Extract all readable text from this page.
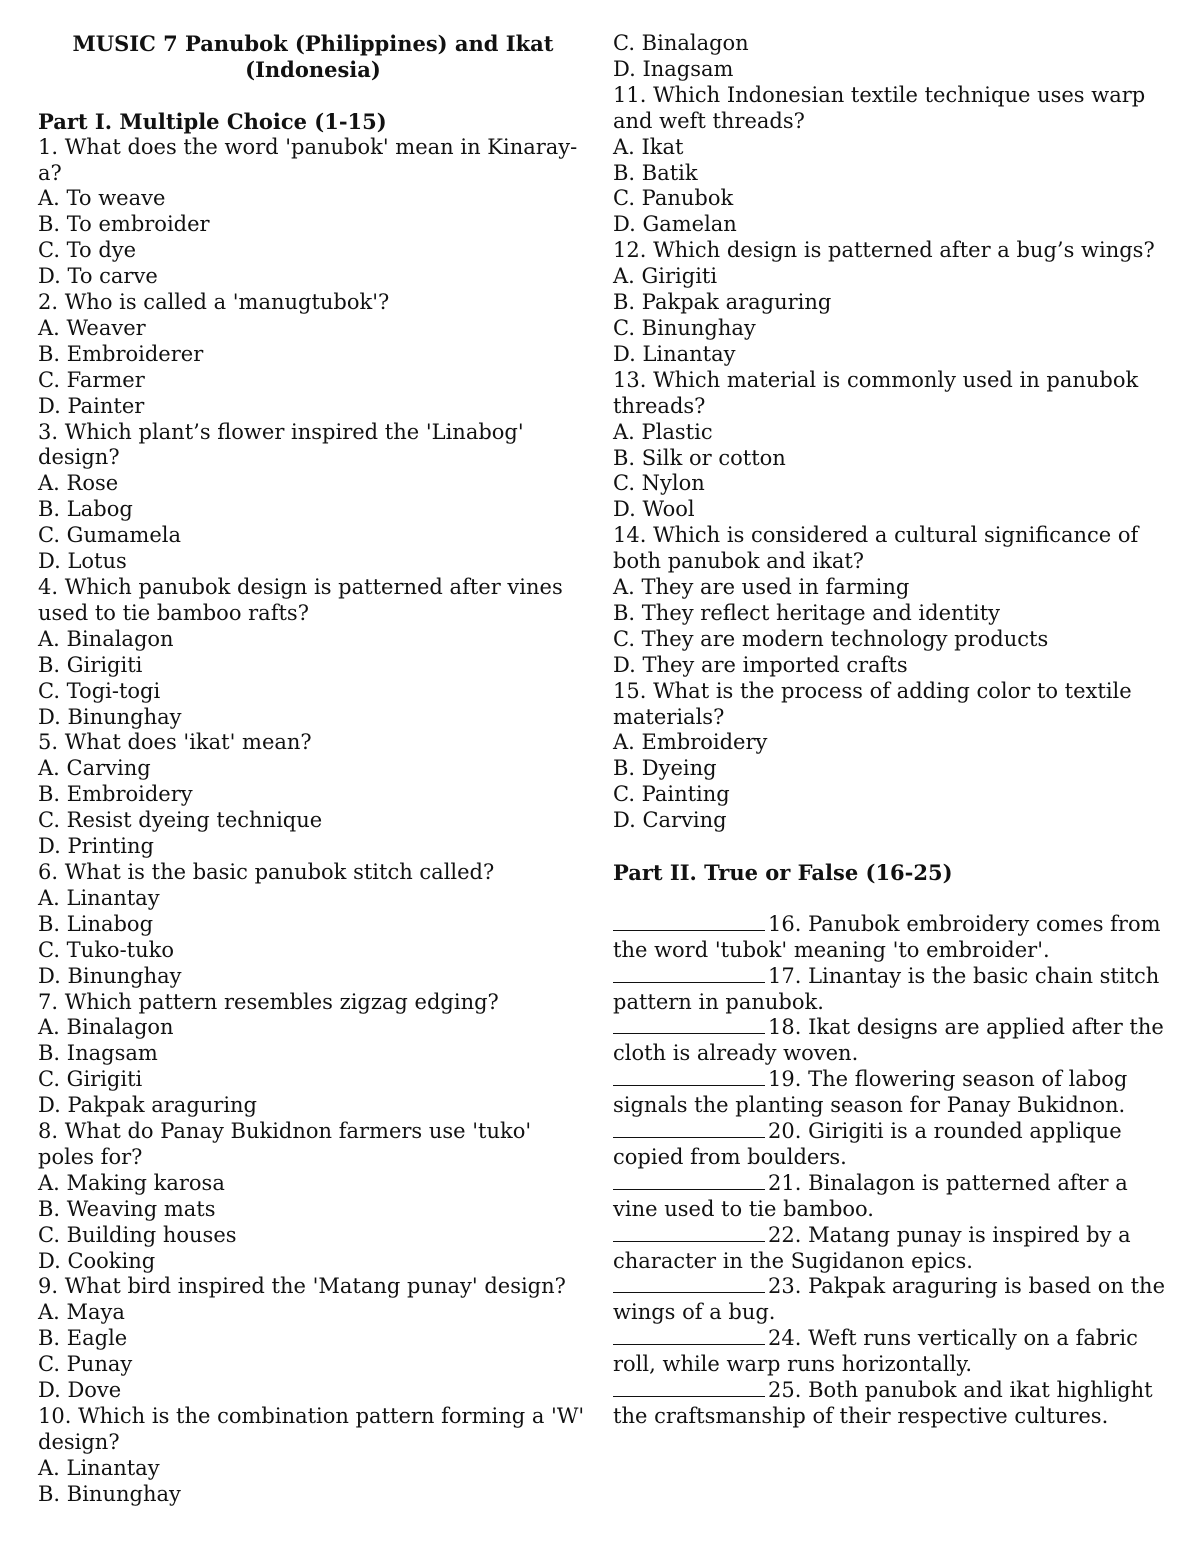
MUSIC 7 Panubok (Philippines) and Ikat
(Indonesia)
Part I. Multiple Choice (1-15)
1. What does the word 'panubok' mean in Kinaray-
a?
A. To weave
B. To embroider
C. To dye
D. To carve
2. Who is called a 'manugtubok'?
A. Weaver
B. Embroiderer
C. Farmer
D. Painter
3. Which plant’s flower inspired the 'Linabog'
design?
A. Rose
B. Labog
C. Gumamela
D. Lotus
4. Which panubok design is patterned after vines
used to tie bamboo rafts?
A. Binalagon
B. Girigiti
C. Togi-togi
D. Binunghay
5. What does 'ikat' mean?
A. Carving
B. Embroidery
C. Resist dyeing technique
D. Printing
6. What is the basic panubok stitch called?
A. Linantay
B. Linabog
C. Tuko-tuko
D. Binunghay
7. Which pattern resembles zigzag edging?
A. Binalagon
B. Inagsam
C. Girigiti
D. Pakpak araguring
8. What do Panay Bukidnon farmers use 'tuko'
poles for?
A. Making karosa
B. Weaving mats
C. Building houses
D. Cooking
9. What bird inspired the 'Matang punay' design?
A. Maya
B. Eagle
C. Punay
D. Dove
10. Which is the combination pattern forming a 'W'
design?
A. Linantay
B. Binunghay
C. Binalagon
D. Inagsam
11. Which Indonesian textile technique uses warp
and weft threads?
A. Ikat
B. Batik
C. Panubok
D. Gamelan
12. Which design is patterned after a bug’s wings?
A. Girigiti
B. Pakpak araguring
C. Binunghay
D. Linantay
13. Which material is commonly used in panubok
threads?
A. Plastic
B. Silk or cotton
C. Nylon
D. Wool
14. Which is considered a cultural significance of
both panubok and ikat?
A. They are used in farming
B. They reflect heritage and identity
C. They are modern technology products
D. They are imported crafts
15. What is the process of adding color to textile
materials?
A. Embroidery
B. Dyeing
C. Painting
D. Carving
Part II. True or False (16-25)
16. Panubok embroidery comes from
the word 'tubok' meaning 'to embroider'.
17. Linantay is the basic chain stitch
pattern in panubok.
18. Ikat designs are applied after the
cloth is already woven.
19. The flowering season of labog
signals the planting season for Panay Bukidnon.
20. Girigiti is a rounded applique
copied from boulders.
21. Binalagon is patterned after a
vine used to tie bamboo.
22. Matang punay is inspired by a
character in the Sugidanon epics.
23. Pakpak araguring is based on the
wings of a bug.
24. Weft runs vertically on a fabric
roll, while warp runs horizontally.
25. Both panubok and ikat highlight
the craftsmanship of their respective cultures.
